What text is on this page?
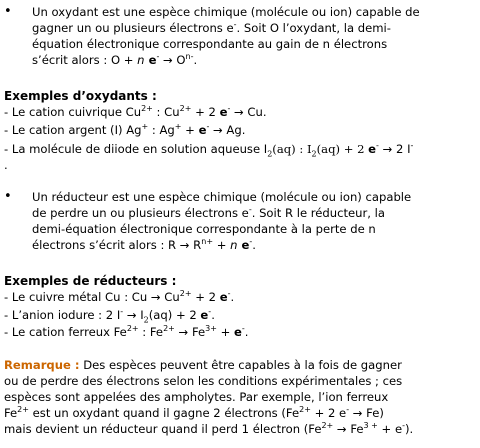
•	Un oxydant est une espèce chimique (molécule ou ion) capable de
gagner un ou plusieurs électrons e-. Soit O l’oxydant, la demi-
équation électronique correspondante au gain de n électrons
s’écrit alors : O + n $e^- \to O^{n-}$.
Exemples d’oxydants :
- Le cation cuivrique $Cu^{2+}$ : $Cu^{2+} + 2$ e- → Cu.
- Le cation argent (I) Ag+ : Ag+ + e- → Ag.
- La molécule de diiode en solution aqueuse $I_2(aq)$ : $I_2(aq) + 2$ e- → 2 I-
.
•	Un réducteur est une espèce chimique (molécule ou ion) capable
de perdre un ou plusieurs électrons e-. Soit R le réducteur, la
demi-équation électronique correspondante à la perte de n
électrons s’écrit alors : $R \to R^{n+} + n$ e-.
Exemples de réducteurs :
- Le cuivre métal Cu : $Cu \to Cu^{2+} + 2$ e-.
- L’anion iodure : 2 $I^- \to I_2(aq) + 2$ e-.
- Le cation ferreux $Fe^{2+}$ : $Fe^{2+} \to Fe^{3+} + e^-$.
Remarque : Des espèces peuvent être capables à la fois de gagner
ou de perdre des électrons selon les conditions expérimentales ; ces
espèces sont appelées des ampholytes. Par exemple, l’ion ferreux
$Fe^{2+}$ est un oxydant quand il gagne 2 électrons ($Fe^{2+} + 2$ e- → Fe)
mais devient un réducteur quand il perd 1 électron $(Fe^{2+} \to Fe^{3 +} + e^-)$.
